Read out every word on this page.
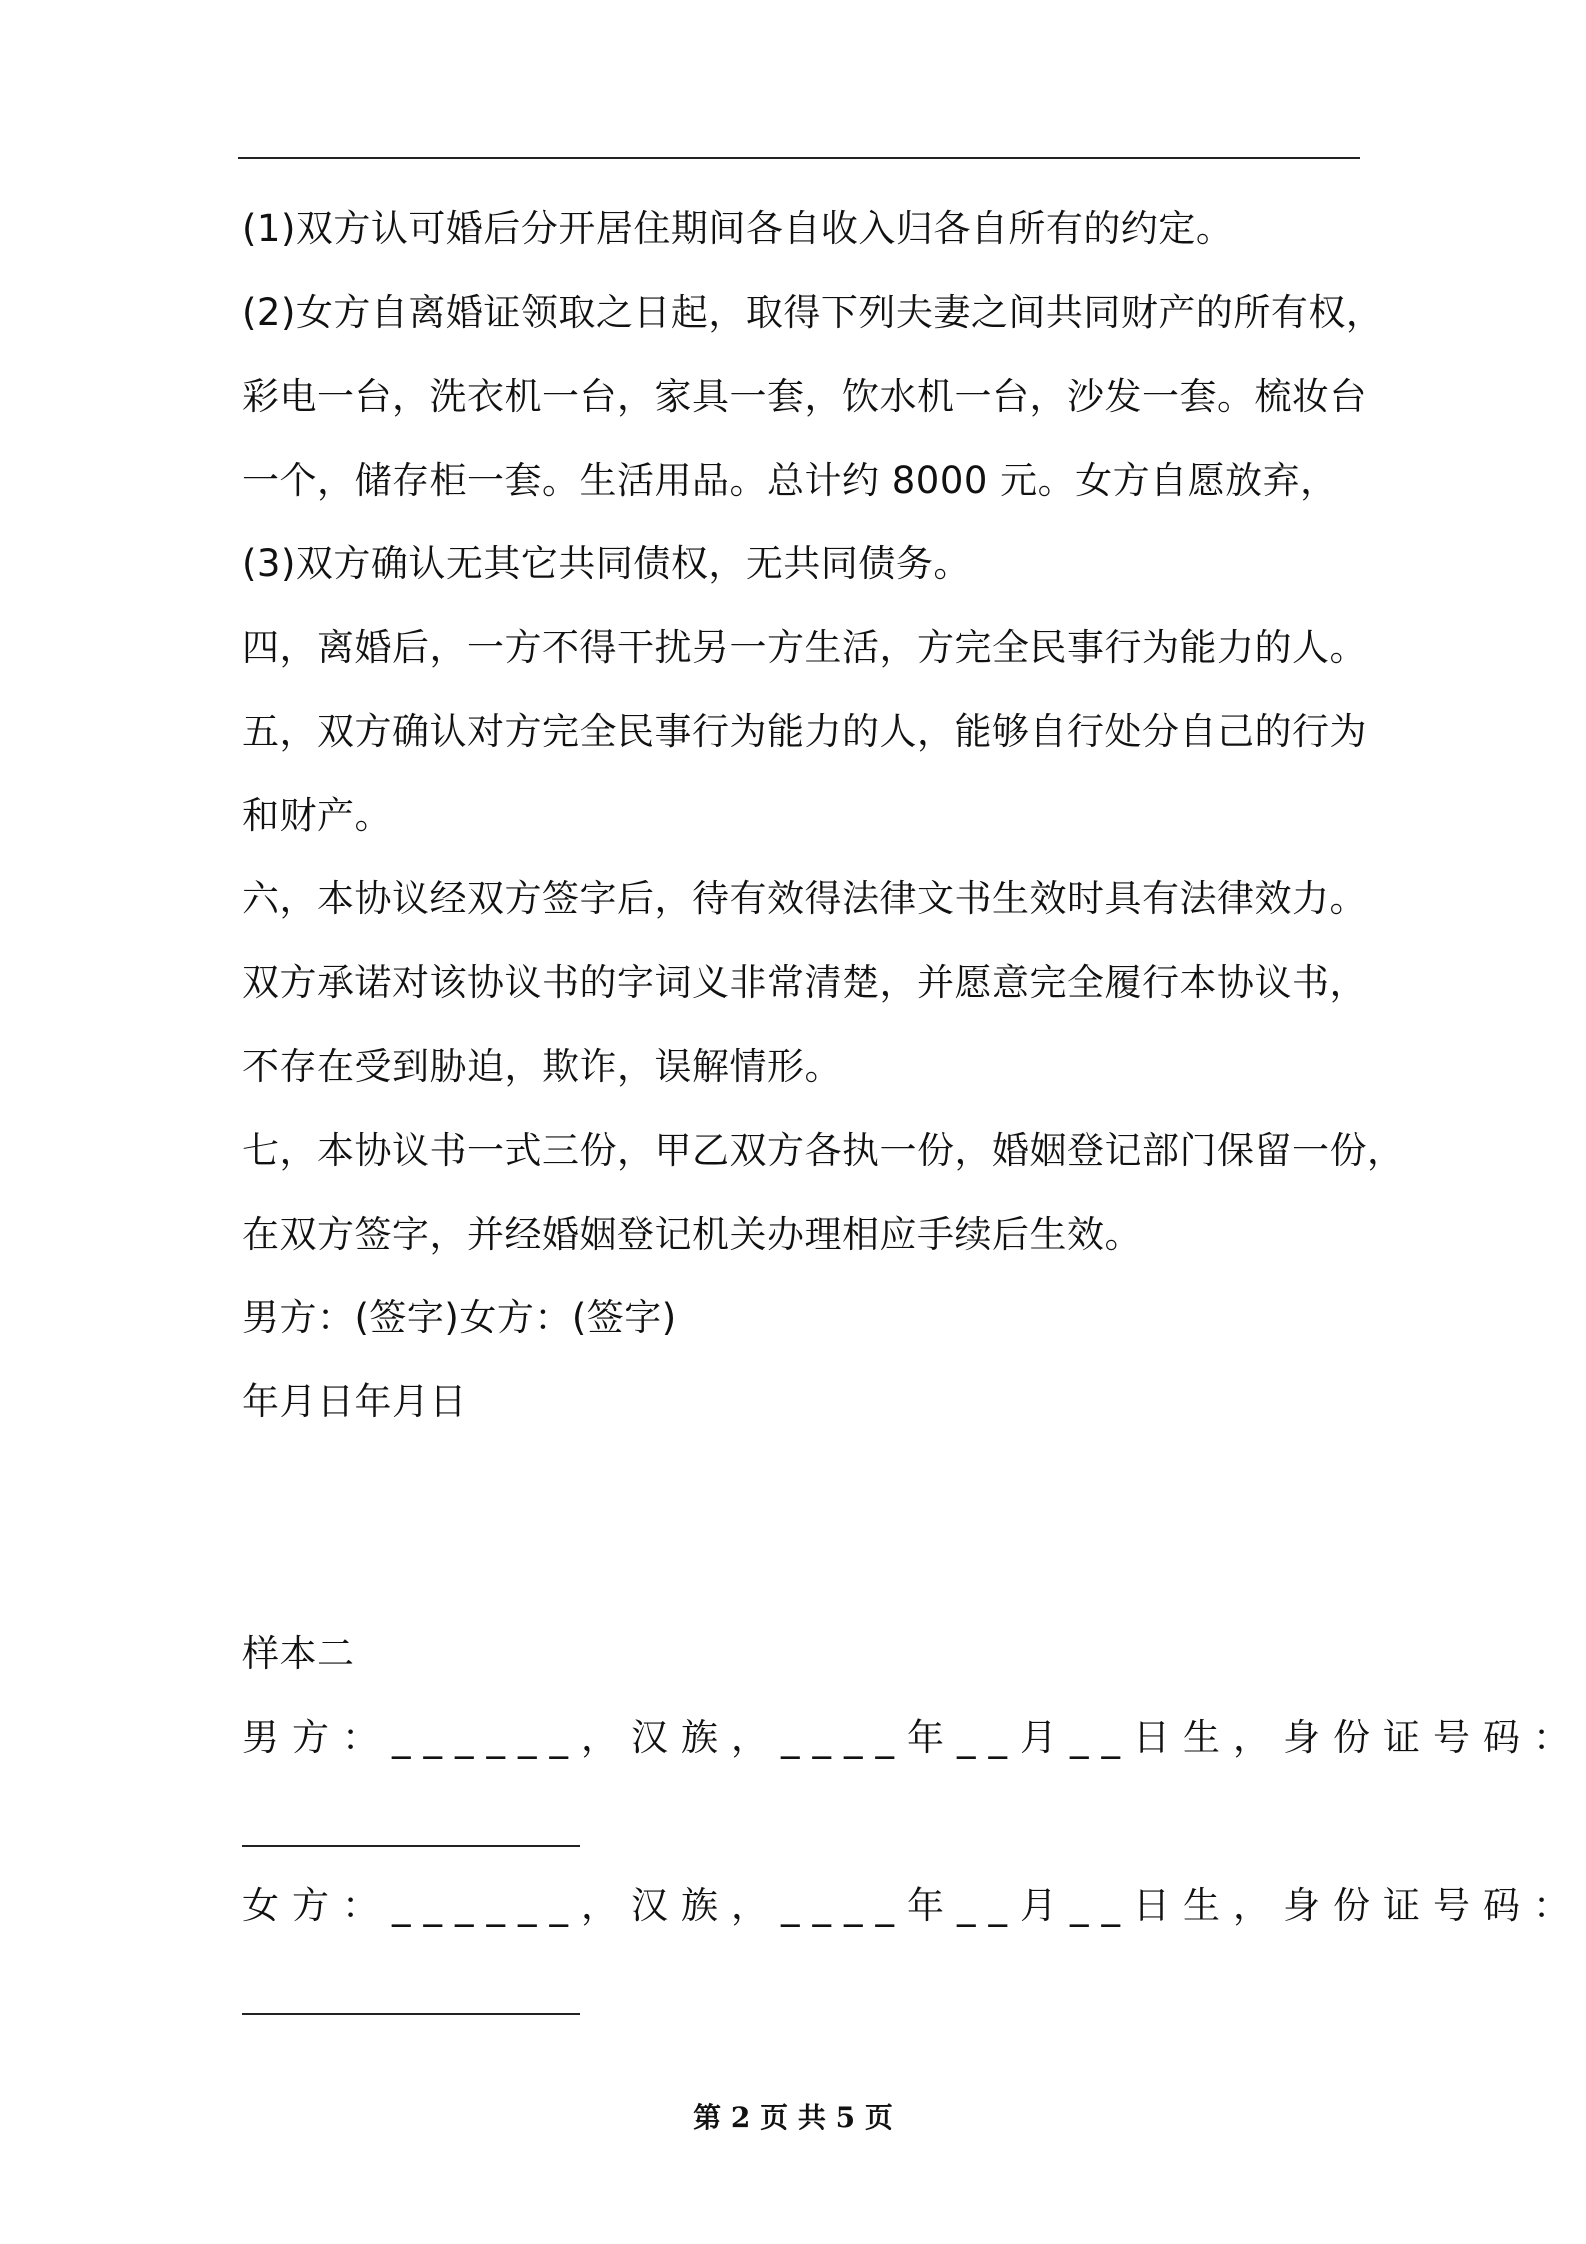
(1)双方认可婚后分开居住期间各自收入归各自所有的约定。

(2)女方自离婚证领取之日起，取得下列夫妻之间共同财产的所有权，

彩电一台，洗衣机一台，家具一套，饮水机一台，沙发一套。梳妆台

一个，储存柜一套。生活用品。总计约 8000 元。女方自愿放弃，

(3)双方确认无其它共同债权，无共同债务。

四，离婚后，一方不得干扰另一方生活，方完全民事行为能力的人。

五，双方确认对方完全民事行为能力的人，能够自行处分自己的行为

和财产。

六，本协议经双方签字后，待有效得法律文书生效时具有法律效力。

双方承诺对该协议书的字词义非常清楚，并愿意完全履行本协议书，

不存在受到胁迫，欺诈，误解情形。

七，本协议书一式三份，甲乙双方各执一份，婚姻登记部门保留一份，

在双方签字，并经婚姻登记机关办理相应手续后生效。

男方：(签字)女方：(签字)

年月日年月日

样本二

男方：______，汉族，____年__月__日生，身份证号码：

女方：______，汉族，____年__月__日生，身份证号码：

第 2 页 共 5 页
